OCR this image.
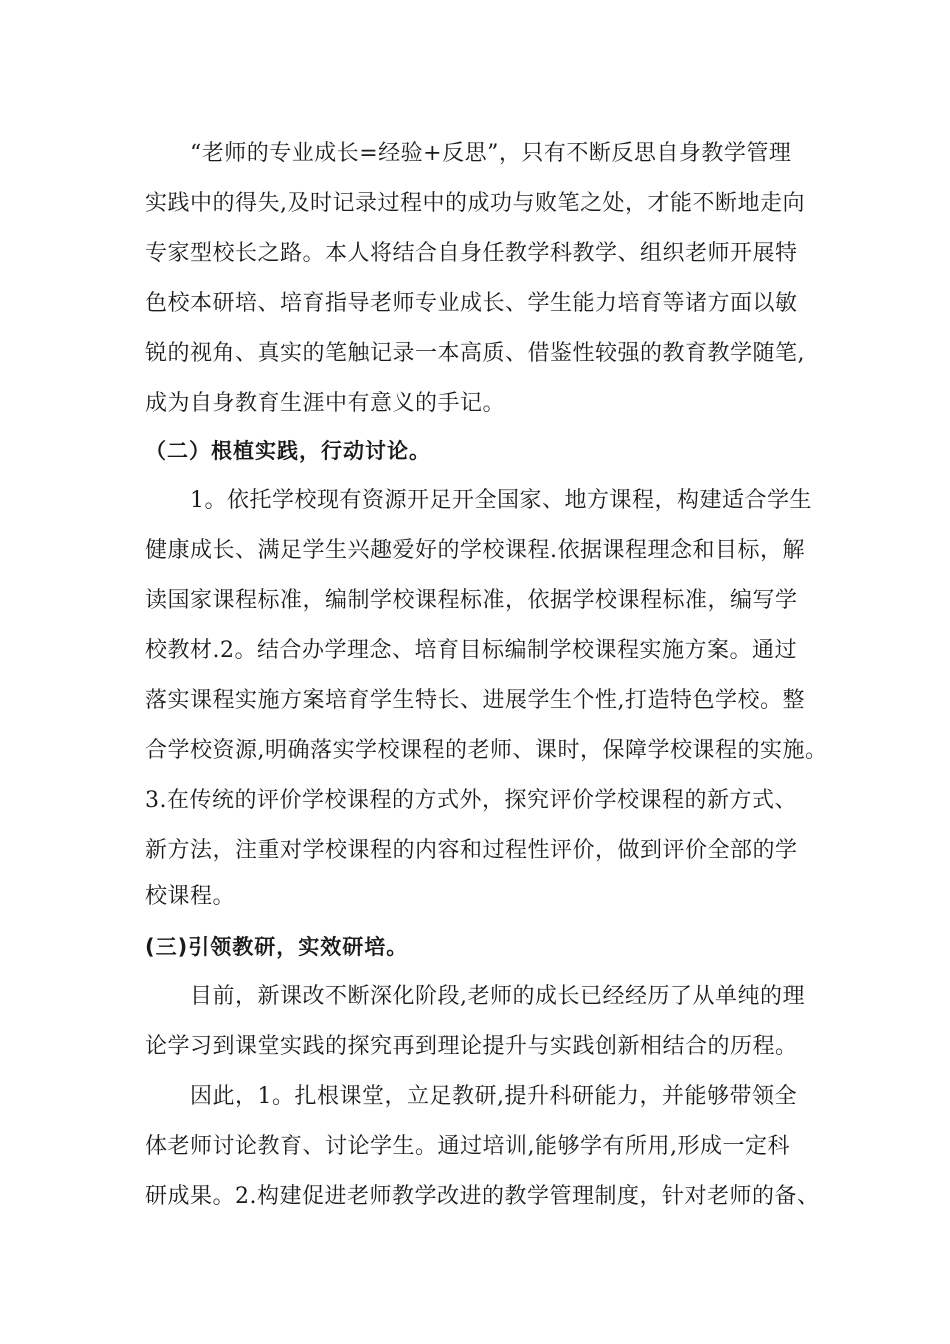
“老师的专业成长=经验+反思”，只有不断反思自身教学管理
实践中的得失,及时记录过程中的成功与败笔之处，才能不断地走向
专家型校长之路。本人将结合自身任教学科教学、组织老师开展特
色校本研培、培育指导老师专业成长、学生能力培育等诸方面以敏
锐的视角、真实的笔触记录一本高质、借鉴性较强的教育教学随笔,
成为自身教育生涯中有意义的手记。
（二）根植实践，行动讨论。
1。依托学校现有资源开足开全国家、地方课程，构建适合学生
健康成长、满足学生兴趣爱好的学校课程.依据课程理念和目标，解
读国家课程标准，编制学校课程标准，依据学校课程标准，编写学
校教材.2。结合办学理念、培育目标编制学校课程实施方案。通过
落实课程实施方案培育学生特长、进展学生个性,打造特色学校。整
合学校资源,明确落实学校课程的老师、课时，保障学校课程的实施。
3.在传统的评价学校课程的方式外，探究评价学校课程的新方式、
新方法，注重对学校课程的内容和过程性评价，做到评价全部的学
校课程。
(三)引领教研，实效研培。
目前，新课改不断深化阶段,老师的成长已经经历了从单纯的理
论学习到课堂实践的探究再到理论提升与实践创新相结合的历程。
因此，1。扎根课堂，立足教研,提升科研能力，并能够带领全
体老师讨论教育、讨论学生。通过培训,能够学有所用,形成一定科
研成果。2.构建促进老师教学改进的教学管理制度，针对老师的备、
